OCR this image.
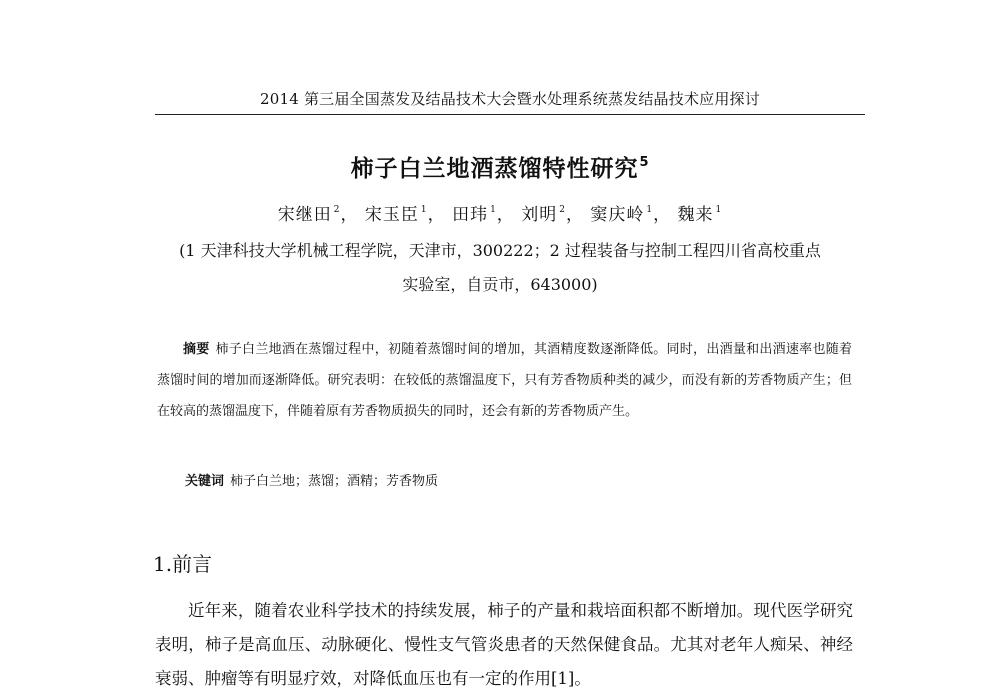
2014 第三届全国蒸发及结晶技术大会暨水处理系统蒸发结晶技术应用探讨
柿子白兰地酒蒸馏特性研究$^5$
宋继田 $^2$， 宋玉臣 $^1$， 田玮 $^1$， 刘明 $^2$， 窦庆岭 $^1$， 魏来 $^1$
(1 天津科技大学机械工程学院，天津市，300222；2 过程装备与控制工程四川省高校重点
实验室，自贡市，643000)
摘要 柿子白兰地酒在蒸馏过程中，初随着蒸馏时间的增加，其酒精度数逐渐降低。同时，出酒量和出酒速率也随着蒸馏时间的增加而逐渐降低。研究表明：在较低的蒸馏温度下，只有芳香物质种类的减少，而没有新的芳香物质产生；但在较高的蒸馏温度下，伴随着原有芳香物质损失的同时，还会有新的芳香物质产生。
关键词 柿子白兰地；蒸馏；酒精；芳香物质
1.前言
近年来，随着农业科学技术的持续发展，柿子的产量和栽培面积都不断增加。现代医学研究表明，柿子是高血压、动脉硬化、慢性支气管炎患者的天然保健食品。尤其对老年人痴呆、神经衰弱、肿瘤等有明显疗效，对降低血压也有一定的作用[1]。
